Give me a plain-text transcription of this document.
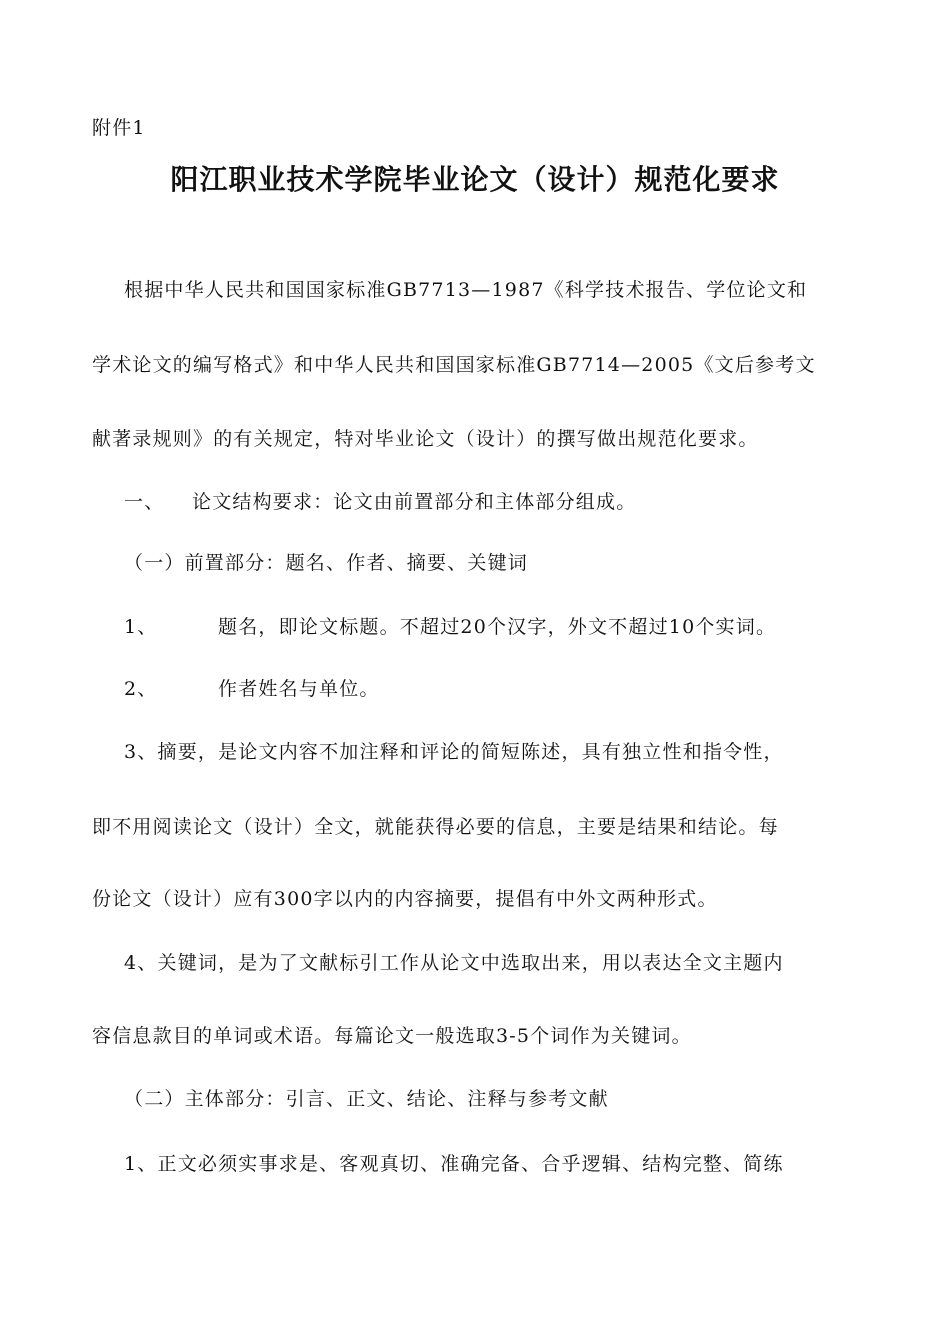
附件1
阳江职业技术学院毕业论文（设计）规范化要求
根据中华人民共和国国家标准GB7713—1987《科学技术报告、学位论文和
学术论文的编写格式》和中华人民共和国国家标准GB7714—2005《文后参考文
献著录规则》的有关规定，特对毕业论文（设计）的撰写做出规范化要求。
一、 论文结构要求：论文由前置部分和主体部分组成。
（一）前置部分：题名、作者、摘要、关键词
1、	题名，即论文标题。不超过20个汉字，外文不超过10个实词。
2、	作者姓名与单位。
3、摘要，是论文内容不加注释和评论的简短陈述，具有独立性和指令性，
即不用阅读论文（设计）全文，就能获得必要的信息，主要是结果和结论。每
份论文（设计）应有300字以内的内容摘要，提倡有中外文两种形式。
4、关键词，是为了文献标引工作从论文中选取出来，用以表达全文主题内
容信息款目的单词或术语。每篇论文一般选取3-5个词作为关键词。
（二）主体部分：引言、正文、结论、注释与参考文献
1、正文必须实事求是、客观真切、准确完备、合乎逻辑、结构完整、简练
